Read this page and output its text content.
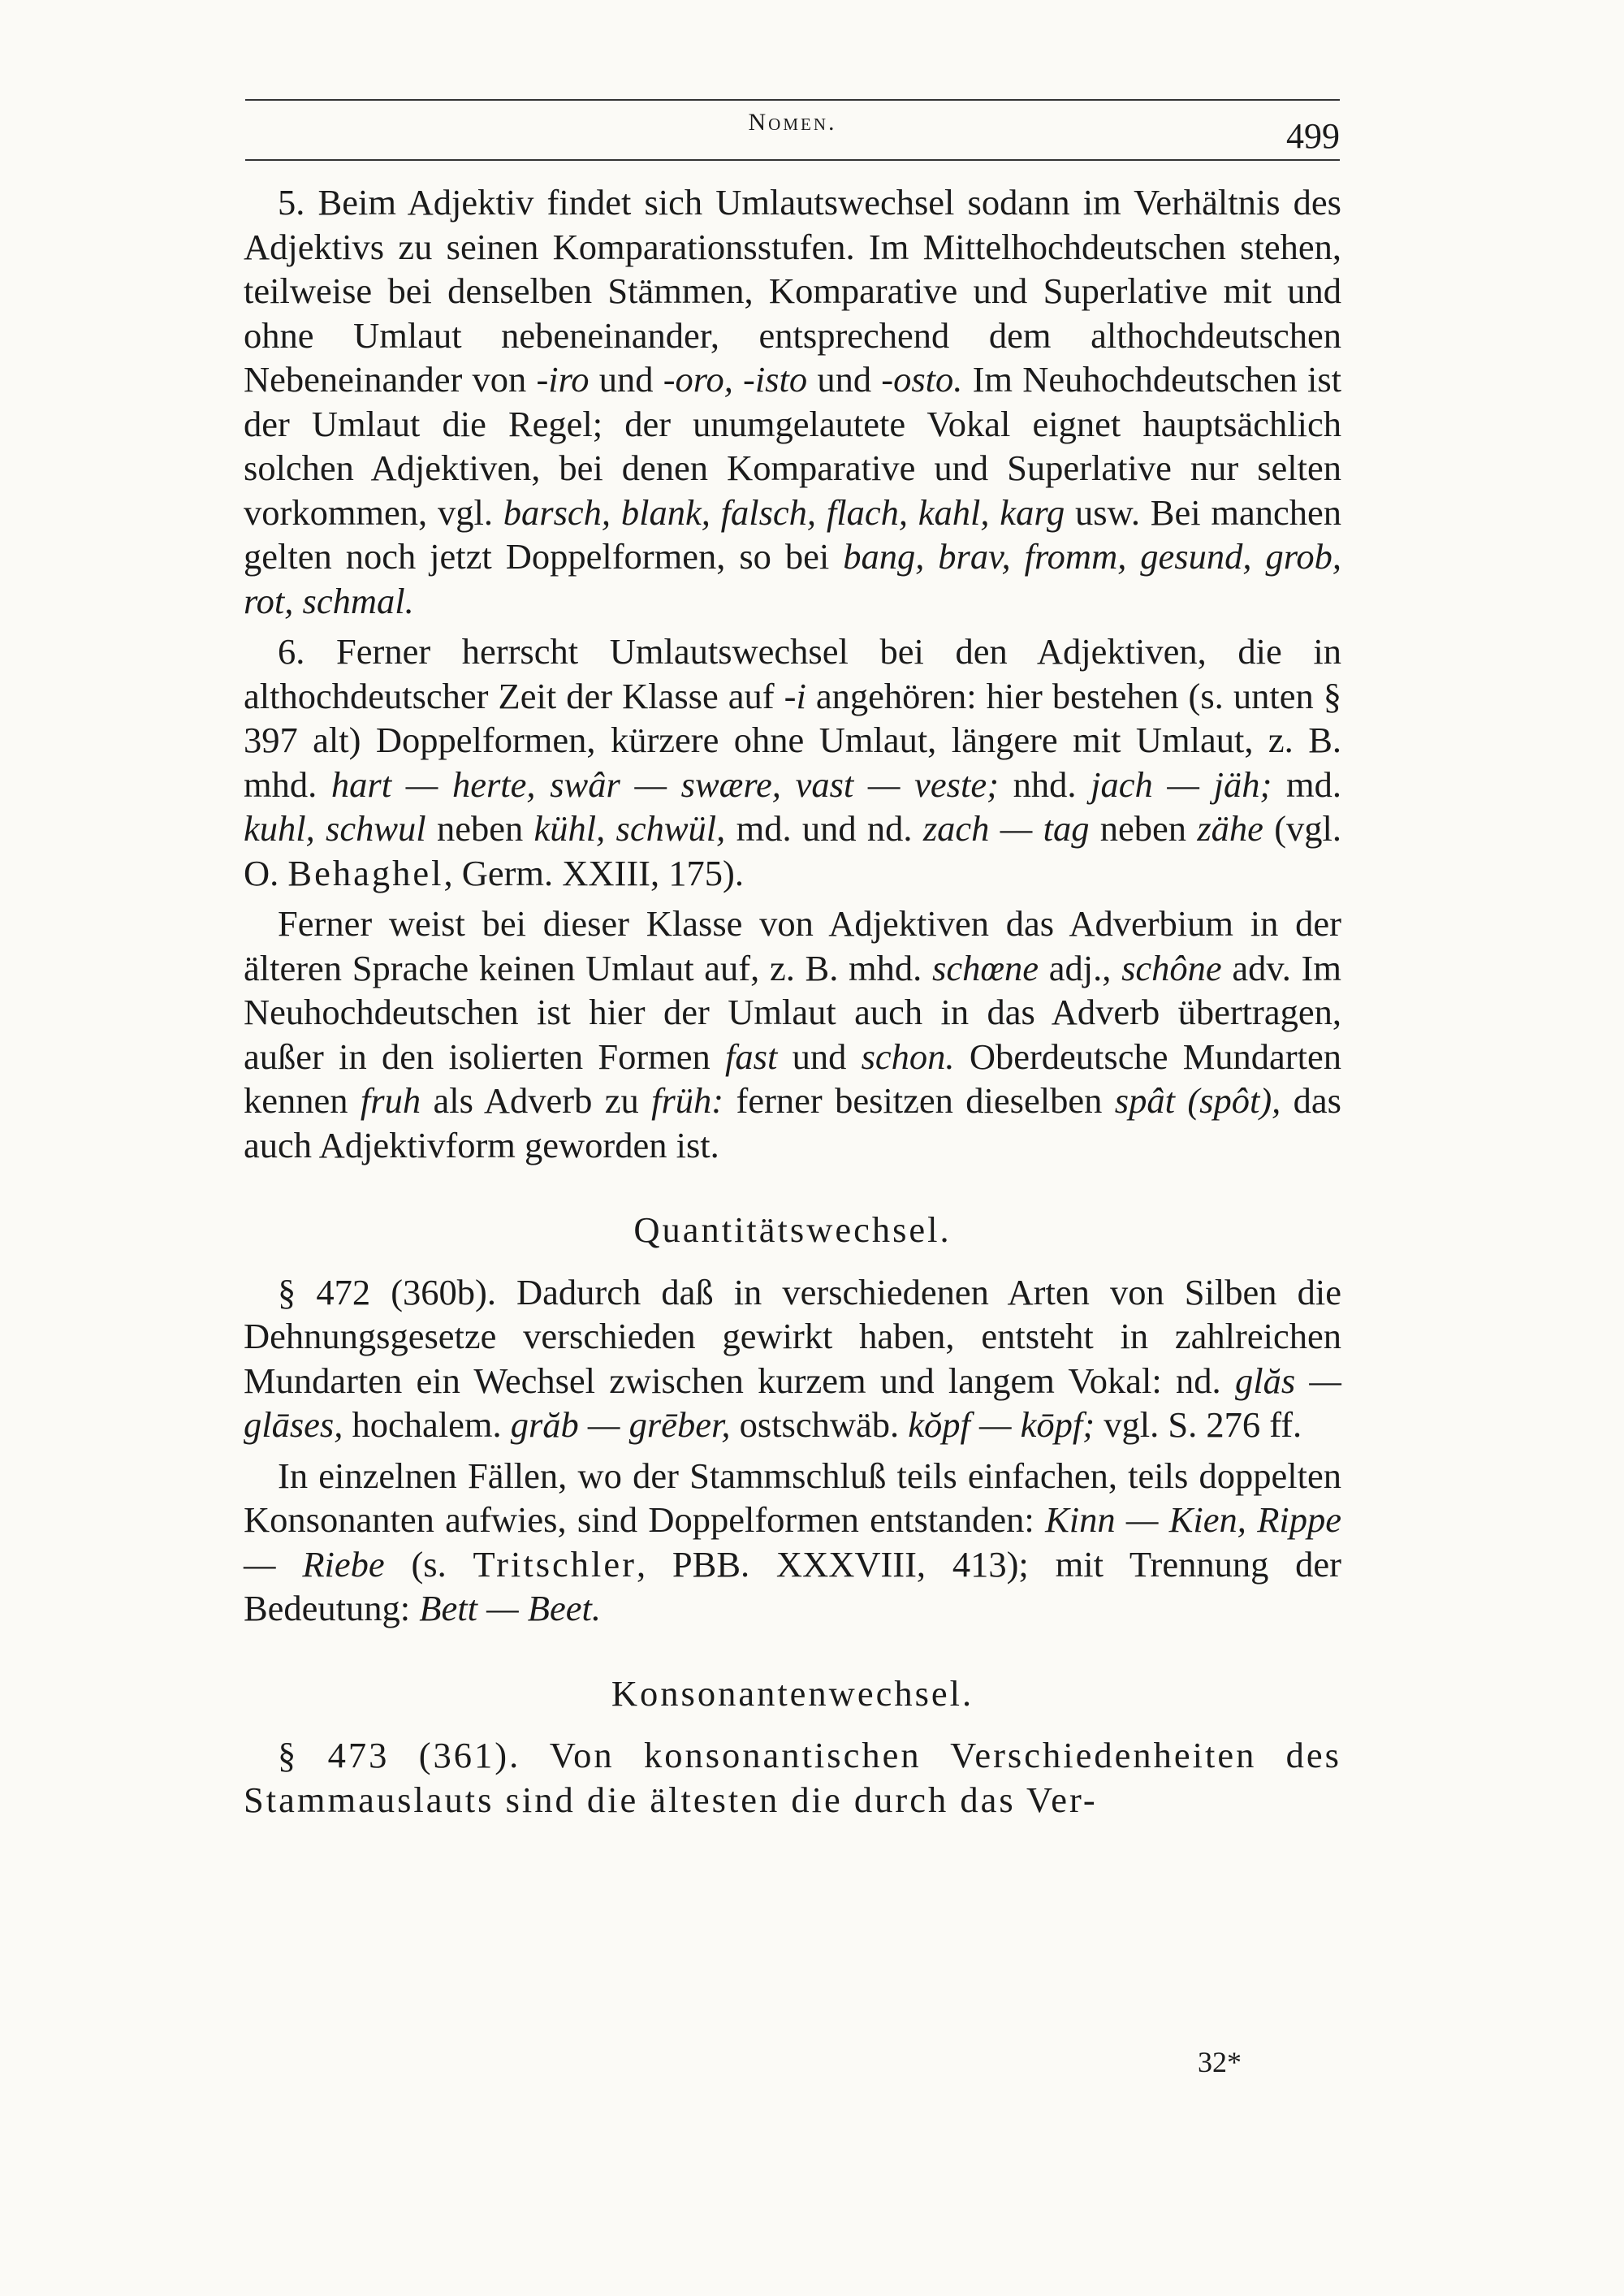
Nomen.	499

5. Beim Adjektiv findet sich Umlautswechsel sodann im Verhältnis des Adjektivs zu seinen Komparationsstufen. Im Mittelhochdeutschen stehen, teilweise bei denselben Stämmen, Komparative und Superlative mit und ohne Umlaut nebeneinander, entsprechend dem althochdeutschen Nebeneinander von -iro und -oro, -isto und -osto. Im Neuhochdeutschen ist der Umlaut die Regel; der unumgelautete Vokal eignet hauptsächlich solchen Adjektiven, bei denen Komparative und Superlative nur selten vorkommen, vgl. barsch, blank, falsch, flach, kahl, karg usw. Bei manchen gelten noch jetzt Doppelformen, so bei bang, brav, fromm, gesund, grob, rot, schmal.

6. Ferner herrscht Umlautswechsel bei den Adjektiven, die in althochdeutscher Zeit der Klasse auf -i angehören: hier bestehen (s. unten § 397 alt) Doppelformen, kürzere ohne Umlaut, längere mit Umlaut, z. B. mhd. hart — herte, swâr — swære, vast — veste; nhd. jach — jäh; md. kuhl, schwul neben kühl, schwül, md. und nd. zach — tag neben zähe (vgl. O. Behaghel, Germ. XXIII, 175).

Ferner weist bei dieser Klasse von Adjektiven das Adverbium in der älteren Sprache keinen Umlaut auf, z. B. mhd. schœne adj., schône adv. Im Neuhochdeutschen ist hier der Umlaut auch in das Adverb übertragen, außer in den isolierten Formen fast und schon. Oberdeutsche Mundarten kennen fruh als Adverb zu früh: ferner besitzen dieselben spât (spôt), das auch Adjektivform geworden ist.

Quantitätswechsel.

§ 472 (360b). Dadurch daß in verschiedenen Arten von Silben die Dehnungsgesetze verschieden gewirkt haben, entsteht in zahlreichen Mundarten ein Wechsel zwischen kurzem und langem Vokal: nd. glăs — glāses, hochalem. grăb — grēber, ostschwäb. kŏpf — kōpf; vgl. S. 276 ff.

In einzelnen Fällen, wo der Stammschluß teils einfachen, teils doppelten Konsonanten aufwies, sind Doppelformen entstanden: Kinn — Kien, Rippe — Riebe (s. Tritschler, PBB. XXXVIII, 413); mit Trennung der Bedeutung: Bett — Beet.

Konsonantenwechsel.

§ 473 (361). Von konsonantischen Verschiedenheiten des Stammauslauts sind die ältesten die durch das Ver-

32*
